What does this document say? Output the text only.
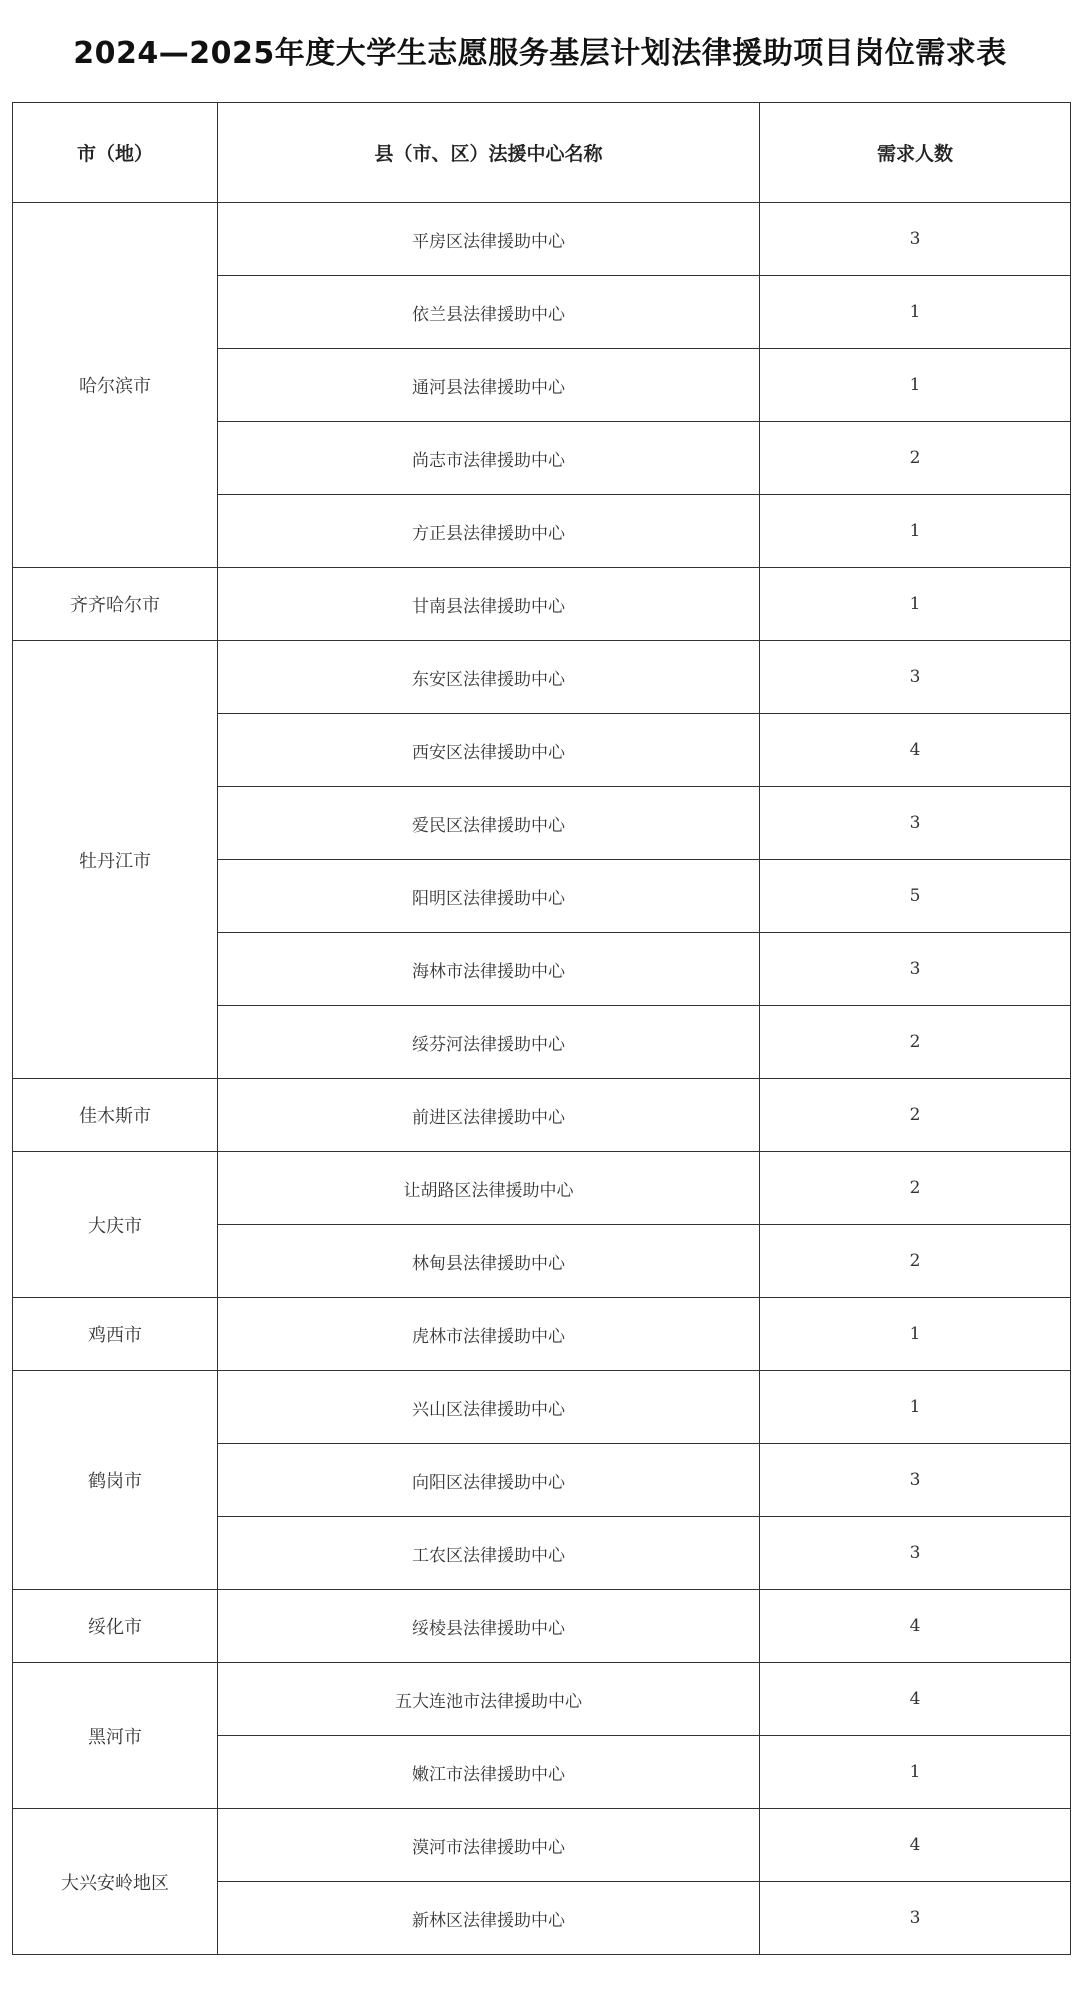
2024—2025年度大学生志愿服务基层计划法律援助项目岗位需求表
市（地）	县（市、区）法援中心名称	需求人数
哈尔滨市	平房区法律援助中心	3
	依兰县法律援助中心	1
	通河县法律援助中心	1
	尚志市法律援助中心	2
	方正县法律援助中心	1
齐齐哈尔市	甘南县法律援助中心	1
牡丹江市	东安区法律援助中心	3
	西安区法律援助中心	4
	爱民区法律援助中心	3
	阳明区法律援助中心	5
	海林市法律援助中心	3
	绥芬河法律援助中心	2
佳木斯市	前进区法律援助中心	2
大庆市	让胡路区法律援助中心	2
	林甸县法律援助中心	2
鸡西市	虎林市法律援助中心	1
鹤岗市	兴山区法律援助中心	1
	向阳区法律援助中心	3
	工农区法律援助中心	3
绥化市	绥棱县法律援助中心	4
黑河市	五大连池市法律援助中心	4
	嫩江市法律援助中心	1
大兴安岭地区	漠河市法律援助中心	4
	新林区法律援助中心	3
